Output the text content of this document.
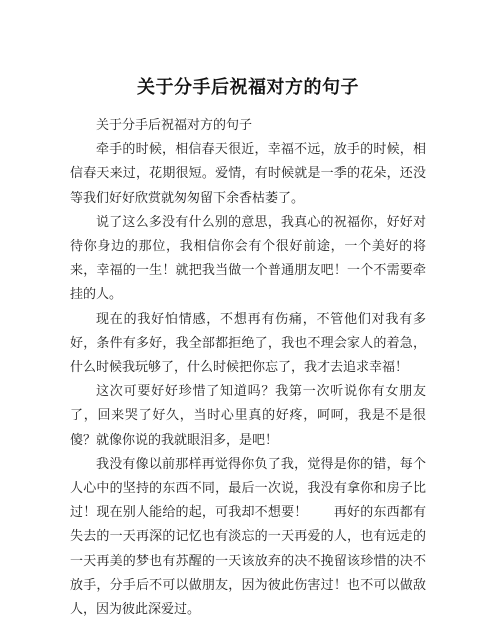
关于分手后祝福对方的句子

关于分手后祝福对方的句子

牵手的时候，相信春天很近，幸福不远，放手的时候，相信春天来过，花期很短。爱情，有时候就是一季的花朵，还没等我们好好欣赏就匆匆留下余香枯萎了。

说了这么多没有什么别的意思，我真心的祝福你，好好对待你身边的那位，我相信你会有个很好前途，一个美好的将来，幸福的一生！就把我当做一个普通朋友吧！一个不需要牵挂的人。

现在的我好怕情感，不想再有伤痛，不管他们对我有多好，条件有多好，我全部都拒绝了，我也不理会家人的着急，什么时候我玩够了，什么时候把你忘了，我才去追求幸福！

这次可要好好珍惜了知道吗？我第一次听说你有女朋友了，回来哭了好久，当时心里真的好疼，呵呵，我是不是很傻？就像你说的我就眼泪多，是吧！

我没有像以前那样再觉得你负了我，觉得是你的错，每个人心中的坚持的东西不同，最后一次说，我没有拿你和房子比过！现在别人能给的起，可我却不想要！　　再好的东西都有失去的一天再深的记忆也有淡忘的一天再爱的人，也有远走的一天再美的梦也有苏醒的一天该放弃的决不挽留该珍惜的决不放手，分手后不可以做朋友，因为彼此伤害过！也不可以做敌人，因为彼此深爱过。
